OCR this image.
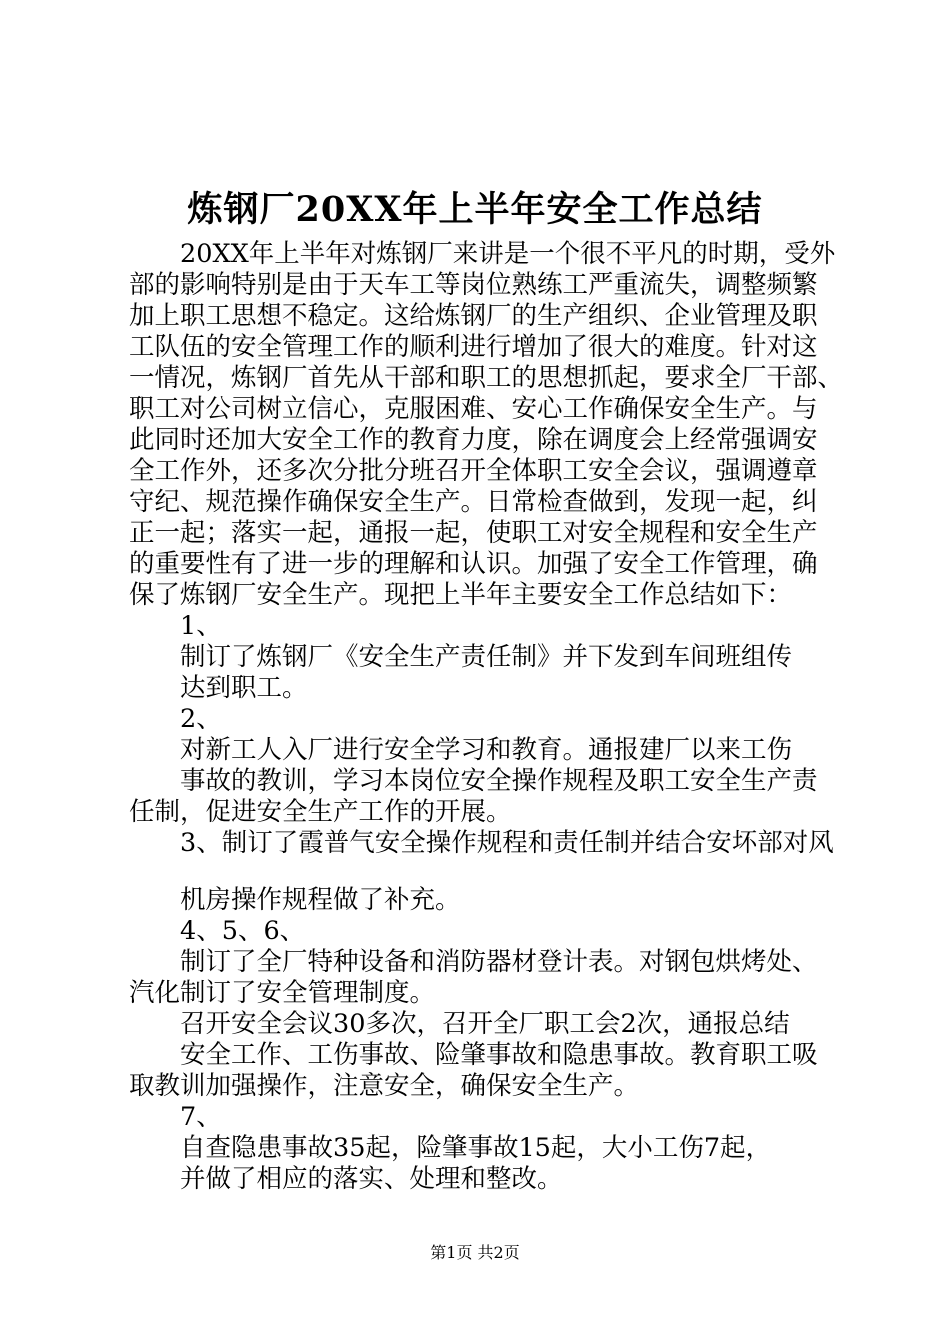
炼钢厂20XX年上半年安全工作总结
20XX年上半年对炼钢厂来讲是一个很不平凡的时期，受外
部的影响特别是由于天车工等岗位熟练工严重流失，调整频繁
加上职工思想不稳定。这给炼钢厂的生产组织、企业管理及职
工队伍的安全管理工作的顺利进行增加了很大的难度。针对这
一情况，炼钢厂首先从干部和职工的思想抓起，要求全厂干部、
职工对公司树立信心，克服困难、安心工作确保安全生产。与
此同时还加大安全工作的教育力度，除在调度会上经常强调安
全工作外，还多次分批分班召开全体职工安全会议，强调遵章
守纪、规范操作确保安全生产。日常检查做到，发现一起，纠
正一起；落实一起，通报一起，使职工对安全规程和安全生产
的重要性有了进一步的理解和认识。加强了安全工作管理，确
保了炼钢厂安全生产。现把上半年主要安全工作总结如下：
1、
制订了炼钢厂《安全生产责任制》并下发到车间班组传
达到职工。
2、
对新工人入厂进行安全学习和教育。通报建厂以来工伤
事故的教训，学习本岗位安全操作规程及职工安全生产责
任制，促进安全生产工作的开展。
3、制订了霞普气安全操作规程和责任制并结合安坏部对风
机房操作规程做了补充。
4、5、6、
制订了全厂特种设备和消防器材登计表。对钢包烘烤处、
汽化制订了安全管理制度。
召开安全会议30多次，召开全厂职工会2次，通报总结
安全工作、工伤事故、险肇事故和隐患事故。教育职工吸
取教训加强操作，注意安全，确保安全生产。
7、
自查隐患事故35起，险肇事故15起，大小工伤7起，
并做了相应的落实、处理和整改。
第1页 共2页
